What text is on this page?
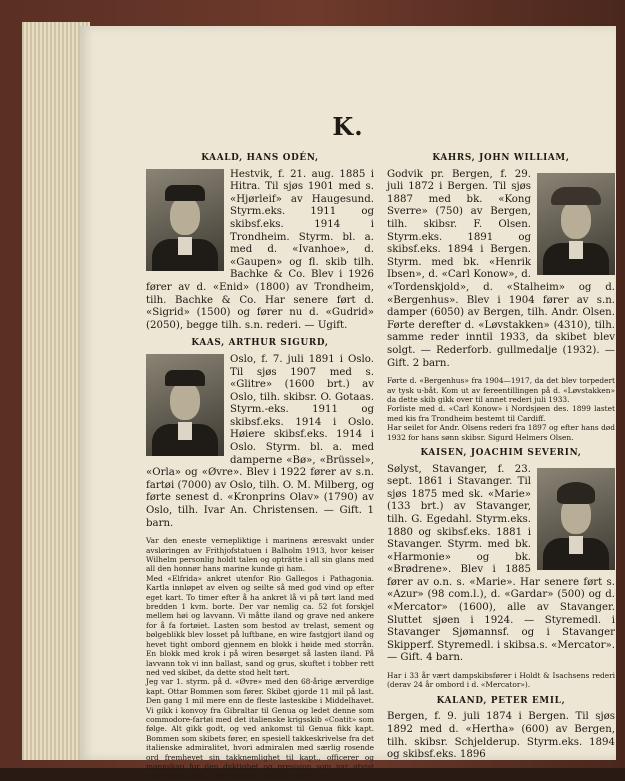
K.
KAALD, HANS ODÉN,
Hestvik, f. 21. aug. 1885 i Hitra. Til sjøs 1901 med s. «Hjørleif» av Haugesund. Styrm.eks. 1911 og skibsf.eks. 1914 i Trondheim. Styrm. bl. a. med d. «Ivanhoe», d. «Gaupen» og fl. skib tilh. Bachke & Co. Blev i 1926 fører av d. «Enid» (1800) av Trondheim, tilh. Bachke & Co. Har senere ført d. «Sigrid» (1500) og fører nu d. «Gudrid» (2050), begge tilh. s.n. rederi. — Ugift.
KAAS, ARTHUR SIGURD,
Oslo, f. 7. juli 1891 i Oslo. Til sjøs 1907 med s. «Glitre» (1600 brt.) av Oslo, tilh. skibsr. O. Gotaas. Styrm.-eks. 1911 og skibsf.eks. 1914 i Oslo. Høiere skibsf.eks. 1914 i Oslo. Styrm. bl. a. med damperne «Bø», «Brüssel», «Orla» og «Øvre». Blev i 1922 fører av s.n. fartøi (7000) av Oslo, tilh. O. M. Milberg, og førte senest d. «Kronprins Olav» (1790) av Oslo, tilh. Ivar An. Christensen. — Gift. 1 barn.
Var den eneste vernepliktige i marinens æresvakt under avsløringen av Frithjofstatuen i Balholm 1913, hvor keiser Wilhelm personlig holdt talen og opträtte i all sin glans med all den honnør hans marine kunde gi ham.
Med «Elfrida» ankret utenfor Rio Gallegos i Pathagonia. Kartla innløpet av elven og seilte så med god vind op efter eget kart. To timer efter å ha ankret lå vi på tørt land med bredden 1 kvm. borte. Der var nemlig ca. 52 fot forskjel mellem høi og lavvann. Vi måtte iland og grave ned ankere for å fa fortøiet. Lasten som bestod av trelast, sement og bølgeblikk blev losset på luftbane, en wire fastgjort iland og hevet tight ombord gjennem en blokk i høide med storrån. En blokk med krok i på wiren besørget så lasten iland. På lavvann tok vi inn ballast, sand og grus, skuftet i tobber rett ned ved skibet, da dette stod helt tørt.
Jeg var 1. styrm. på d. «Øvre» med den 68-årige ærverdige kapt. Ottar Bommen som fører. Skibet gjorde 11 mil på last. Den gang 1 mil mere enn de fleste lasteskibe i Middelhavet. Vi gikk i konvoy fra Gibraltar til Genua og ledet denne som commodore-fartøi med det italienske krigsskib «Coatit» som følge. Alt gikk godt, og ved ankomst til Genua fikk kapt. Bommen som skibets fører, en spesiell takkeskrivelse fra det italienske admiralitet, hvori admiralen med særlig rosende ord fremhevet sin takknemlighet til kapt., officerer og mannskap for den dyktighet og presisjon som var utvist under konvoyen. Det stolteste øieblikk i mitt liv.
KAHRS, JOHN WILLIAM,
Godvik pr. Bergen, f. 29. juli 1872 i Bergen. Til sjøs 1887 med bk. «Kong Sverre» (750) av Bergen, tilh. skibsr. F. Olsen. Styrm.eks. 1891 og skibsf.eks. 1894 i Bergen. Styrm. med bk. «Henrik Ibsen», d. «Carl Konow», d. «Tordenskjold», d. «Stalheim» og d. «Bergenhus». Blev i 1904 fører av s.n. damper (6050) av Bergen, tilh. Andr. Olsen. Førte derefter d. «Løvstakken» (4310), tilh. samme reder inntil 1933, da skibet blev solgt. — Rederforb. gullmedalje (1932). — Gift. 2 barn.
Førte d. «Bergenhus» fra 1904—1917, da det blev torpedert av tysk u-båt. Kom ut av fereentillingen på d. «Løvstakken» da dette skib gikk over til annet rederi juli 1933.
Forliste med d. «Carl Konow» i Nordsjøen des. 1899 lastet med kis fra Trondheim bestemt til Cardiff.
Har seilet for Andr. Olsens rederi fra 1897 og efter hans død 1932 for hans sønn skibsr. Sigurd Helmers Olsen.
KAISEN, JOACHIM SEVERIN,
Sølyst, Stavanger, f. 23. sept. 1861 i Stavanger. Til sjøs 1875 med sk. «Marie» (133 brt.) av Stavanger, tilh. G. Egedahl. Styrm.eks. 1880 og skibsf.eks. 1881 i Stavanger. Styrm. med bk. «Harmonie» og bk. «Brødrene». Blev i 1885 fører av o.n. s. «Marie». Har senere ført s. «Azur» (98 com.l.), d. «Gardar» (500) og d. «Mercator» (1600), alle av Stavanger. Sluttet sjøen i 1924. — Styremedl. i Stavanger Sjømannsf. og i Stavanger Skipperf. Styremedl. i skibsa.s. «Mercator». — Gift. 4 barn.
Har i 33 år vært dampskibsfører i Holdt & Isachsens rederi (derav 24 år ombord i d. «Mercator»).
KALAND, PETER EMIL,
Bergen, f. 9. juli 1874 i Bergen. Til sjøs 1892 med d. «Hertha» (600) av Bergen, tilh. skibsr. Schjelderup. Styrm.eks. 1894 og skibsf.eks. 1896
